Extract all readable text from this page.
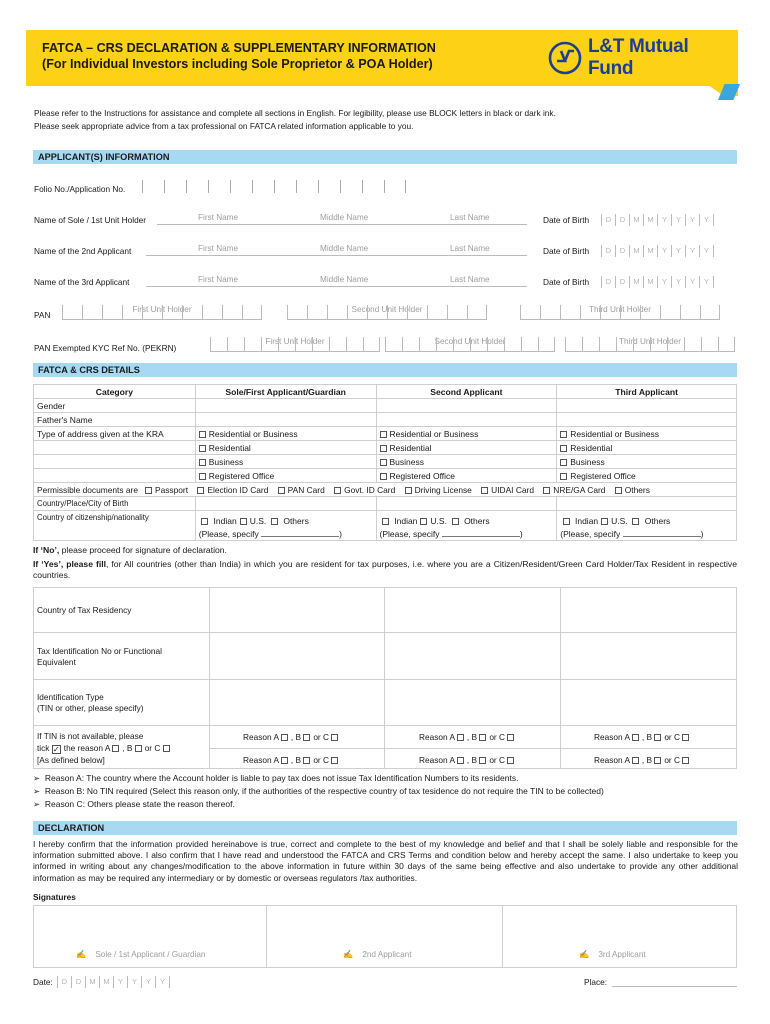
FATCA – CRS DECLARATION & SUPPLEMENTARY INFORMATION
(For Individual Investors including Sole Proprietor & POA Holder)
L&T Mutual Fund
Please refer to the Instructions for assistance and complete all sections in English. For legibility, please use BLOCK letters in black or dark ink.
Please seek appropriate advice from a tax professional on FATCA related information applicable to you.
APPLICANT(S) INFORMATION
Folio No./Application No.
Name of Sole / 1st Unit Holder	First Name	Middle Name	Last Name	Date of Birth	D	D	M	M	Y	Y	Y	Y
Name of the 2nd Applicant	First Name	Middle Name	Last Name	Date of Birth	D	D	M	M	Y	Y	Y	Y
Name of the 3rd Applicant	First Name	Middle Name	Last Name	Date of Birth	D	D	M	M	Y	Y	Y	Y
PAN
First Unit Holder	Second Unit Holder	Third Unit Holder
PAN Exempted KYC Ref No. (PEKRN)
First Unit Holder	Second Unit Holder	Third Unit Holder
FATCA & CRS DETAILS
Category	Sole/First Applicant/Guardian	Second Applicant	Third Applicant
Gender			
Father's Name			
Type of address given at the KRA	Residential or Business	Residential or Business	Residential or Business
	Residential	Residential	Residential
	Business	Business	Business
	Registered Office	Registered Office	Registered Office
Permissible documents are Passport Election ID Card PAN Card Govt. ID Card Driving License UIDAI Card NRE/GA Card Others			
Country/Place/City of Birth			
Country of citizenship/nationality	Indian U.S. Others	Indian U.S. Others	Indian U.S. Others
	(Please, specify )	(Please, specify )	(Please, specify )
If ‘No’, please proceed for signature of declaration.
If ‘Yes’, please fill, for All countries (other than India) in which you are resident for tax purposes, i.e. where you are a Citizen/Resident/Green Card Holder/Tax Resident in respective countries.
Country of Tax Residency
Tax Identification No or Functional
Equivalent
Identification Type
(TIN or other, please specify)
If TIN is not available, please
tick ✓ the reason A , B or C
[As defined below]
Reason A , B or C	Reason A , B or C	Reason A , B or C
Reason A , B or C	Reason A , B or C	Reason A , B or C
➢ Reason A: The country where the Account holder is liable to pay tax does not issue Tax Identification Numbers to its residents.
➢ Reason B: No TIN required (Select this reason only, if the authorities of the respective country of tax tesidence do not require the TIN to be collected)
➢ Reason C: Others please state the reason thereof.
DECLARATION
I hereby confirm that the information provided hereinabove is true, correct and complete to the best of my knowledge and belief and that I shall be solely liable and responsible for the information submitted above. I also confirm that I have read and understood the FATCA and CRS Terms and condition below and hereby accept the same. I also undertake to keep you informed in writing about any changes/modification to the above information in future within 30 days of the same being effective and also undertake to provide any other additional information as may be required any intermediary or by domestic or overseas regulators /tax authorities.
Signatures
✍ Sole / 1st Applicant / Guardian	✍ 2nd Applicant	✍ 3rd Applicant
Date:	D	D	M	M	Y	Y	Y	Y	Place:
